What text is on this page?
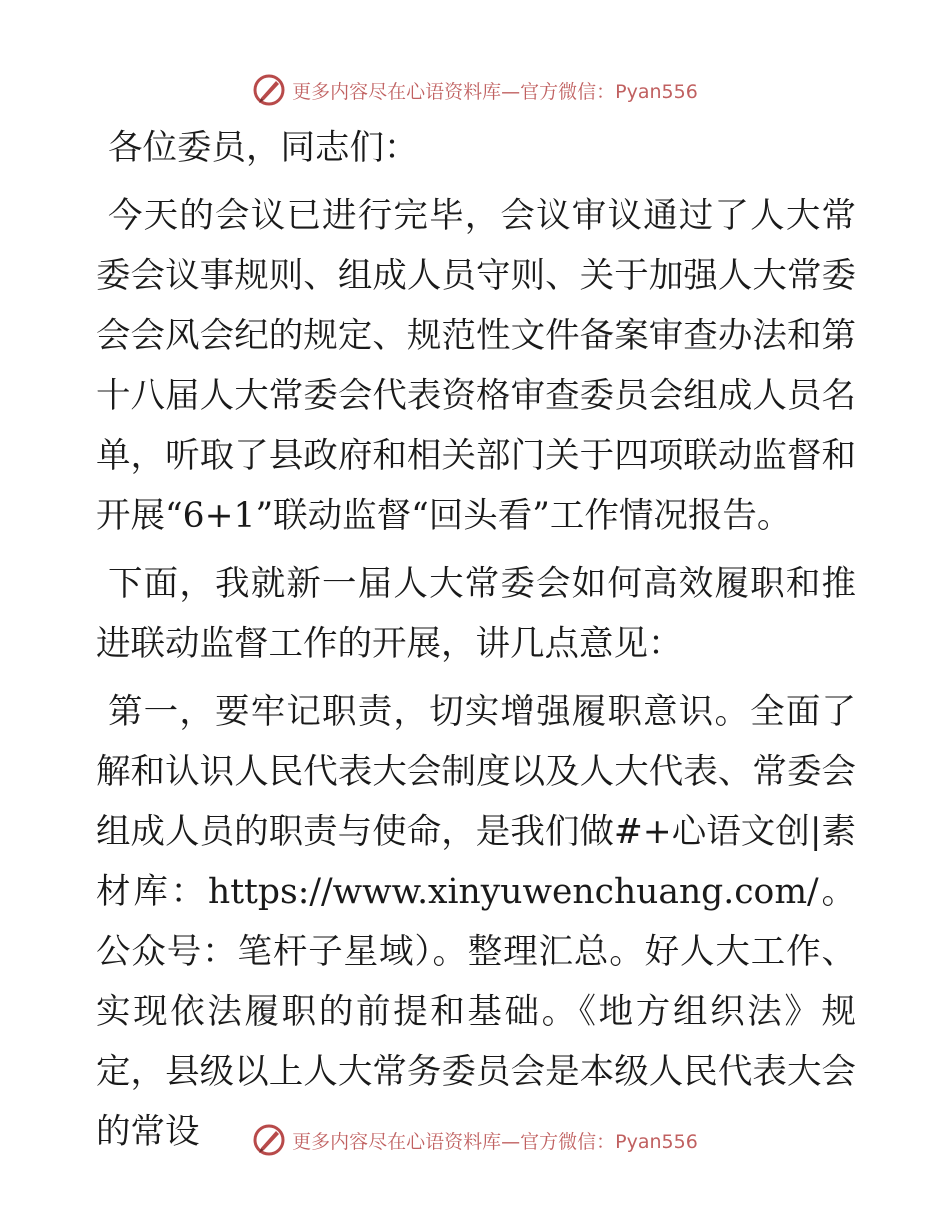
更多内容尽在心语资料库—官方微信：Pyan556

各位委员，同志们：

今天的会议已进行完毕，会议审议通过了人大常委会议事规则、组成人员守则、关于加强人大常委会会风会纪的规定、规范性文件备案审查办法和第十八届人大常委会代表资格审查委员会组成人员名单，听取了县政府和相关部门关于四项联动监督和开展“6+1”联动监督“回头看”工作情况报告。

下面，我就新一届人大常委会如何高效履职和推进联动监督工作的开展，讲几点意见：

第一，要牢记职责，切实增强履职意识。全面了解和认识人民代表大会制度以及人大代表、常委会组成人员的职责与使命，是我们做#+心语文创|素材库：https://www.xinyuwenchuang.com/。公众号：笔杆子星域）。整理汇总。好人大工作、实现依法履职的前提和基础。《地方组织法》规定，县级以上人大常务委员会是本级人民代表大会的常设	更多内容尽在心语资料库—官方微信：Pyan556
